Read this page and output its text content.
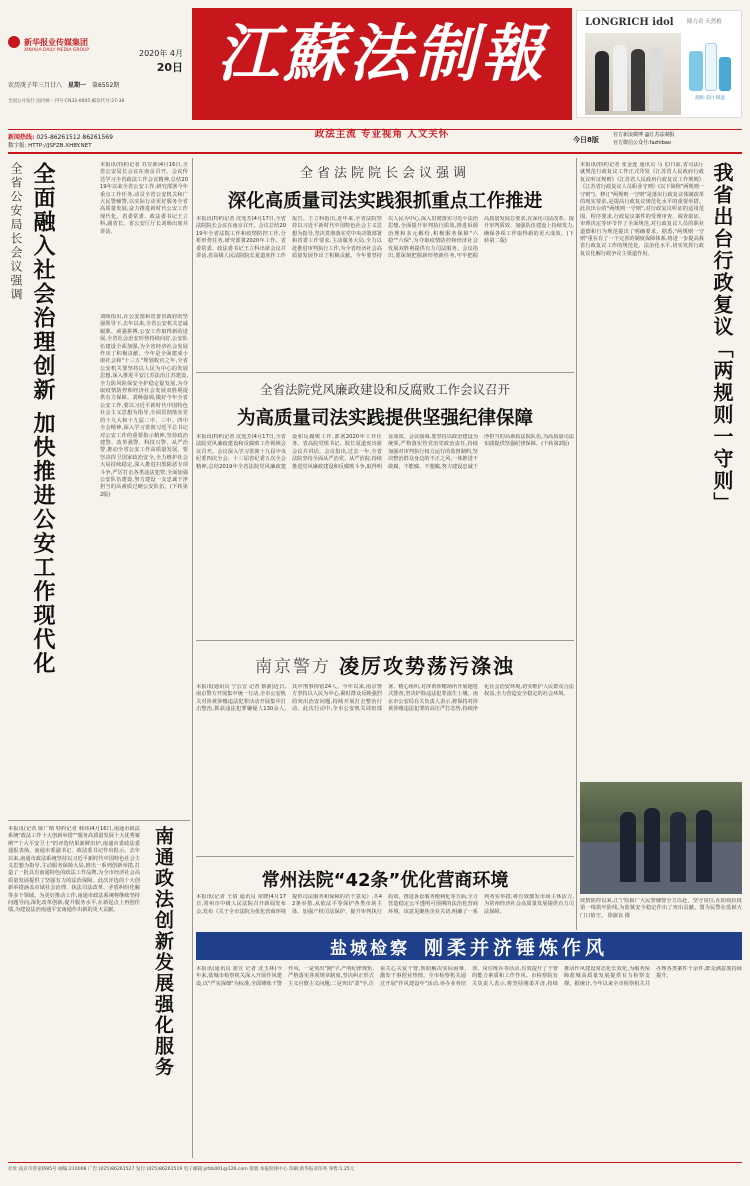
新华报业传媒集团
XINHUA DAILY MEDIA GROUP	2020年 4月
20日
农历庚子年三月廿八 星期一 第6552期
全国公开发行 国内统一刊号:CN32-0005 邮发代号:27-38
江蘇法制報
政法主流 专业视角 人文关怀
LONGRICH idol 隆力奇 天然植
润肤·美白·保湿
新闻热线: 025-86261512 86261569
数字报: HTTP://JSFZB.XHBY.NET
今日8版
官方新浪微博 @江苏法制报
官方微信公众号:fazhibao
全省公安局长会议强调 全面融入社会治理创新 加快推进公安工作现代化	本报讯(特约记者 苏宣新)4月16日,全省公安局长会议在南京召开。会议传达学习全省政法工作会议精神,总结2019年以来全省公安工作,研究部署今年重点工作任务,动员全省公安机关和广大民警辅警,以实际行动更好服务全省高质量发展,奋力推进新时代公安工作现代化。省委常委、政法委书记王立科,副省长、省公安厅厅长刘旸出席并讲话。
刘旸指出,在公安部和省委省政府的坚强领导下,去年以来,全省公安机关忠诚履职、顽强拼搏,公安工作取得新的进展,全省社会治安形势持续向好,公安队伍建设全面加强,为全省经济社会发展作出了积极贡献。今年是全面建成小康社会和"十三五"规划收官之年,全省公安机关要坚持以人民为中心的发展思想,深入推进平安江苏法治江苏建设,全力防风险保安全护稳定促发展,为夺取疫情防控和经济社会发展双胜利提供有力保障。刘旸强调,做好今年全省公安工作,要以习近平新时代中国特色社会主义思想为指导,全面贯彻落实党的十九大和十九届二中、三中、四中全会精神,深入学习贯彻习近平总书记对公安工作的重要指示精神,坚持政治建警、改革强警、科技兴警、从严治警,推动全省公安工作高质量发展。要坚决捍卫国家政治安全,全力维护社会大局持续稳定,深入推进扫黑除恶专项斗争,严厉打击各类违法犯罪,全面加强公安队伍建设,努力建设一支忠诚干净担当的高素质过硬公安队伍。(下转第2版)
本报讯(记者 陈广晴 特约记者 韩伟)4月16日,南通市政法系统"政法工作十大创新举措""服务高质量发展十大优秀案例""十大平安卫士"的评选结果新鲜出炉,南通市委政法委通报表扬。南通市委副书记、政法委书记作出批示。去年以来,南通市政法系统坚持以习近平新时代中国特色社会主义思想为指导,主动服务保障大局,推出一系列创新举措,打造了一批具有南通特色的政法工作品牌,为全市经济社会高质量发展提供了坚强有力的法治保障。此次评选的十大创新举措涵盖市域社会治理、执法司法改革、矛盾纠纷化解等多个领域。为更好推动工作,南通市政法系统将继续坚持问题导向,深化改革创新,提升服务水平,在新起点上再创佳绩,为建设法治南通平安南通作出新的更大贡献。	南通政法创新发展强化服务
全省法院院长会议强调
深化高质量司法实践狠抓重点工作推进
本报讯(特约记者 沈莲芳)4月17日,全省法院院长会议在南京召开。会议总结2019年全省法院工作和疫情防控工作,分析形势任务,研究部署2020年工作。省委常委、政法委书记王立科出席会议并讲话,省高级人民法院院长夏道虎作工作报告。王立科指出,近年来,全省法院坚持以习近平新时代中国特色社会主义思想为指导,坚决贯彻落实党中央决策部署和省委工作要求,主动服务大局,全力以赴推进审判执行工作,为全省经济社会高质量发展作出了积极贡献。今年要坚持以人民为中心,深入贯彻落实习近平法治思想,全面提升审判执行质效,推进诉源治理和多元解纷,积极服务保障"六稳""六保",为夺取疫情防控和经济社会发展双胜利提供有力司法服务。会议指出,要深刻把握新形势新任务,牢牢把握高质量发展总要求,在深化司法改革、提升审判质效、加强队伍建设上持续发力,确保各项工作取得新的更大成效。(下转第二版)
全省法院党风廉政建设和反腐败工作会议召开
为高质量司法实践提供坚强纪律保障
本报讯(特约记者 沈莲芳)4月17日,全省法院党风廉政建设和反腐败工作视频会议召开。会议深入学习贯彻十九届中央纪委四次全会、十三届省纪委五次全会精神,总结2019年全省法院党风廉政建设和反腐败工作,部署2020年工作任务。省高院党组书记、院长夏道虎出席会议并讲话。会议指出,过去一年,全省法院坚持全面从严治党、从严治院,持续推进党风廉政建设和反腐败斗争,取得明显成效。会议强调,要坚持以政治建设为统领,严格落实管党治党政治责任,持续加强对审判执行权力运行的监督制约,坚决整治群众身边的不正之风,一体推进不敢腐、不能腐、不想腐,努力建设忠诚干净担当的高素质法院队伍,为高质量司法实践提供坚强纪律保障。(下转第2版)
南京警方 凌厉攻势荡污涤浊
本报讯(通讯员 宁公宣 记者 蔡浙)近日,南京警方开展集中统一行动,全市公安机关对涉黄涉赌违法犯罪活动开展集中打击整治,抓获违法犯罪嫌疑人130余人,其中刑事拘留24人。今年以来,南京警方坚持以人民为中心,紧盯群众反映强烈的突出治安问题,持续开展打击整治行动。此次行动中,全市公安机关周密部署、精心组织,对涉黄涉赌场所开展地毯式排查,坚决铲除违法犯罪滋生土壤。南京市公安局有关负责人表示,将保持对涉黄涉赌违法犯罪的高压严打态势,持续净化社会治安环境,切实维护人民群众合法权益,全力营造安全稳定的社会环境。
常州法院“42条”优化营商环境
本报讯(记者 王倩 通讯员 常晓)4月17日,常州市中级人民法院召开新闻发布会,发布《关于全市法院为优化营商环境提供司法服务和保障的若干意见》,共42条举措,从依法平等保护各类市场主体、加强产权司法保护、提升审判执行质效、推进诉讼服务便利化等方面,全力营造稳定公平透明可预期的法治化营商环境。该意见聚焦企业关切,明确了一系列务实举措,将有效激发市场主体活力,为常州经济社会高质量发展提供有力司法保障。
本报讯(特约记者 张金连 通讯员 马飞)日前,省司法厅就规范行政复议工作正式印发《江苏省人民政府行政复议听证规则》《江苏省人民政府行政复议工作规则》《江苏省行政复议人员职业守则》(以下简称"两规则一守则")。修订"两规则一守则"是落实行政复议体制改革的现实要求,是提高行政复议规范化水平的重要举措。此次出台的"两规则一守则",对行政复议听证的适用范围、程序要求,行政复议案件的受理审查、调查取证、审理决定等环节作了全面规范,对行政复议人员的职业道德和行为规范提出了明确要求。据悉,"两规则一守则"重在有了一个完善的制度保障体系,将进一步提高我省行政复议工作的规范化、法治化水平,切实发挥行政复议化解行政争议主渠道作用。	我省出台行政复议「两规则一守则」
疫情防控以来,江宁监狱广大民警辅警全力以赴、坚守岗位,在防疫抗疫第一线筑牢防线,为监狱安全稳定作出了突出贡献。图为民警在监狱大门口值守。 徐淑良 摄
盐城检察 刚柔并济锤炼作风
本报讯(通讯员 盐宣 记者 沈玉林)今年来,盐城市检察机关深入开展作风建设,以"严实深细"为标准,全面锤炼干警作风。一是突出"刚"字,严明纪律规矩,严格落实各项规章制度,坚决纠正形式主义官僚主义问题;二是突出"柔"字,注重关心关爱干警,帮助解决实际困难,激发干事创业热情。全市检察机关通过开展"作风建设年"活动,举办业务培训、岗位练兵等活动,有效提升了干警的能力素质和工作作风。市检察院有关负责人表示,将坚持刚柔并济,持续推动作风建设常态化长效化,为服务保障盐城高质量发展提供有力检察支撑。据统计,今年以来全市检察机关共办理各类案件千余件,群众满意度持续提升。
社址:南京市管家桥85号 邮编:210008 广告:(025)86261527 发行:(025)86261519 电子邮箱:jsfzb001@126.com 排版:本报照排中心 印刷:新华报业印务 零售:1.25元
